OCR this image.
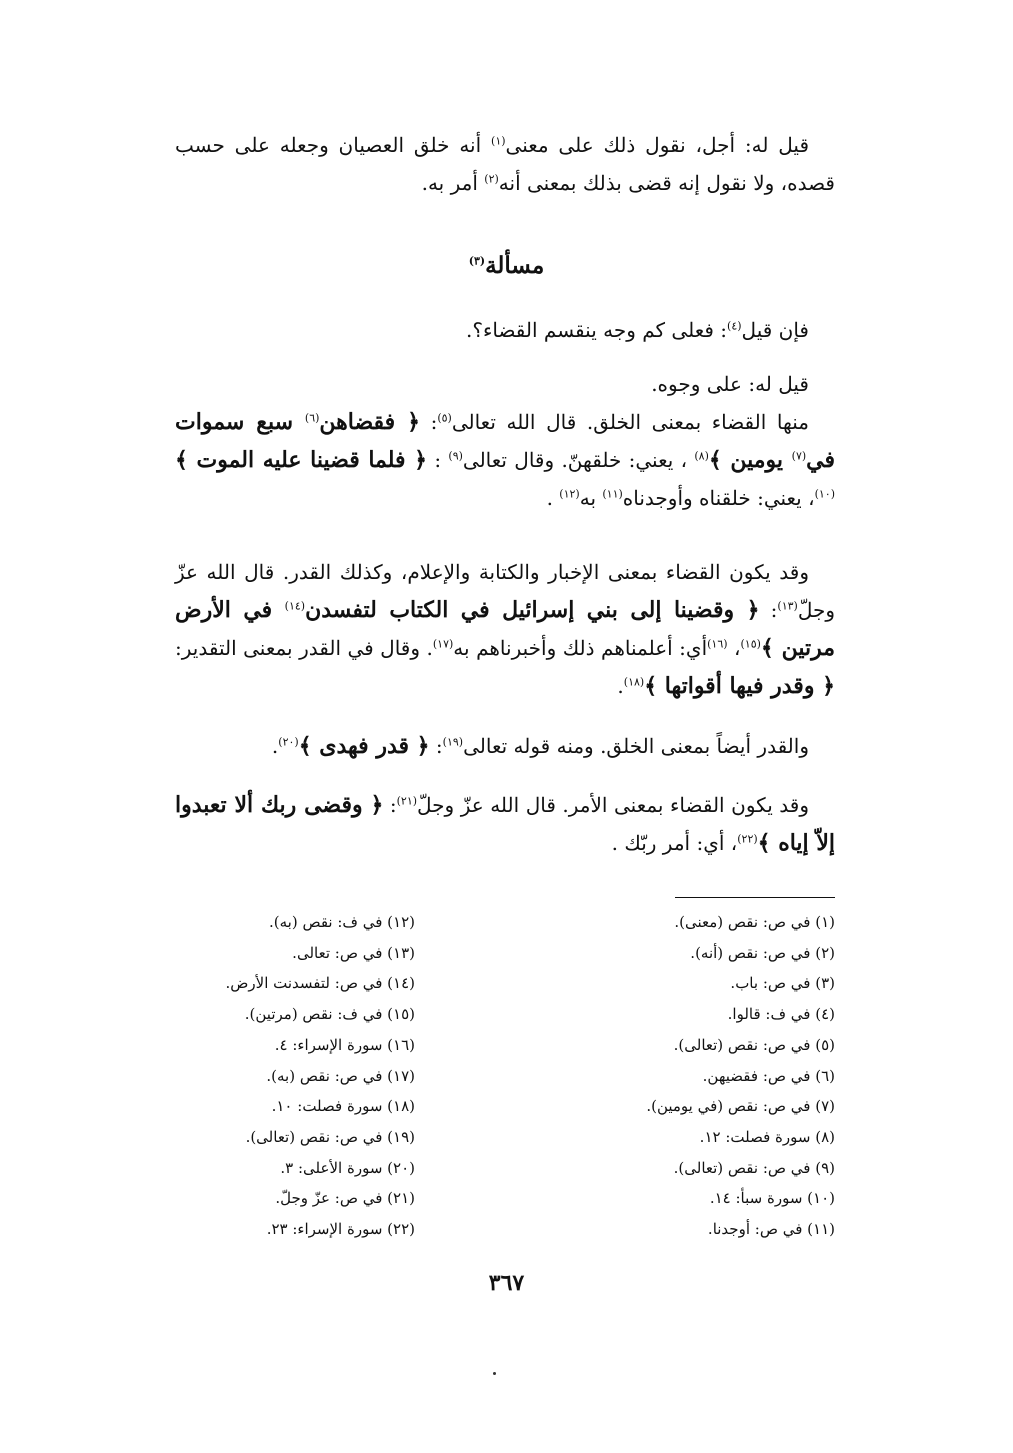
قيل له: أجل، نقول ذلك على معنى$^{(١)}$ أنه خلق العصيان وجعله على حسب قصده، ولا نقول إنه قضى بذلك بمعنى أنه$^{(٢)}$ أمر به.

مسألة$^{(٣)}$

فإن قيل$^{(٤)}$: فعلى كم وجه ينقسم القضاء؟.

قيل له: على وجوه.

منها القضاء بمعنى الخلق. قال الله تعالى$^{(٥)}$: ﴿ فقضاهن$^{(٦)}$ سبع سموات في$^{(٧)}$ يومين ﴾$^{(٨)}$ ، يعني: خلقهنّ. وقال تعالى$^{(٩)}$ : ﴿ فلما قضينا عليه الموت ﴾$^{(١٠)}$، يعني: خلقناه وأوجدناه$^{(١١)}$ به$^{(١٢)}$ .

وقد يكون القضاء بمعنى الإخبار والكتابة والإعلام، وكذلك القدر. قال الله عزّ وجلّ$^{(١٣)}$: ﴿ وقضينا إلى بني إسرائيل في الكتاب لتفسدن$^{(١٤)}$ في الأرض مرتين ﴾$^{(١٥)}$، $^{(١٦)}$أي: أعلمناهم ذلك وأخبرناهم به$^{(١٧)}$. وقال في القدر بمعنى التقدير: ﴿ وقدر فيها أقواتها ﴾$^{(١٨)}$.

والقدر أيضاً بمعنى الخلق. ومنه قوله تعالى$^{(١٩)}$: ﴿ قدر فهدى ﴾$^{(٢٠)}$.

وقد يكون القضاء بمعنى الأمر. قال الله عزّ وجلّ$^{(٢١)}$: ﴿ وقضى ربك ألا تعبدوا إلاّ إياه ﴾$^{(٢٢)}$، أي: أمر ربّك .

(١) في ص: نقص (معنى).
(٢) في ص: نقص (أنه).
(٣) في ص: باب.
(٤) في ف: قالوا.
(٥) في ص: نقص (تعالى).
(٦) في ص: فقضيهن.
(٧) في ص: نقص (في يومين).
(٨) سورة فصلت: ١٢.
(٩) في ص: نقص (تعالى).
(١٠) سورة سبأ: ١٤.
(١١) في ص: أوجدنا.
(١٢) في ف: نقص (به).
(١٣) في ص: تعالى.
(١٤) في ص: لتفسدنت الأرض.
(١٥) في ف: نقص (مرتين).
(١٦) سورة الإسراء: ٤.
(١٧) في ص: نقص (به).
(١٨) سورة فصلت: ١٠.
(١٩) في ص: نقص (تعالى).
(٢٠) سورة الأعلى: ٣.
(٢١) في ص: عزّ وجلّ.
(٢٢) سورة الإسراء: ٢٣.
٣٦٧
